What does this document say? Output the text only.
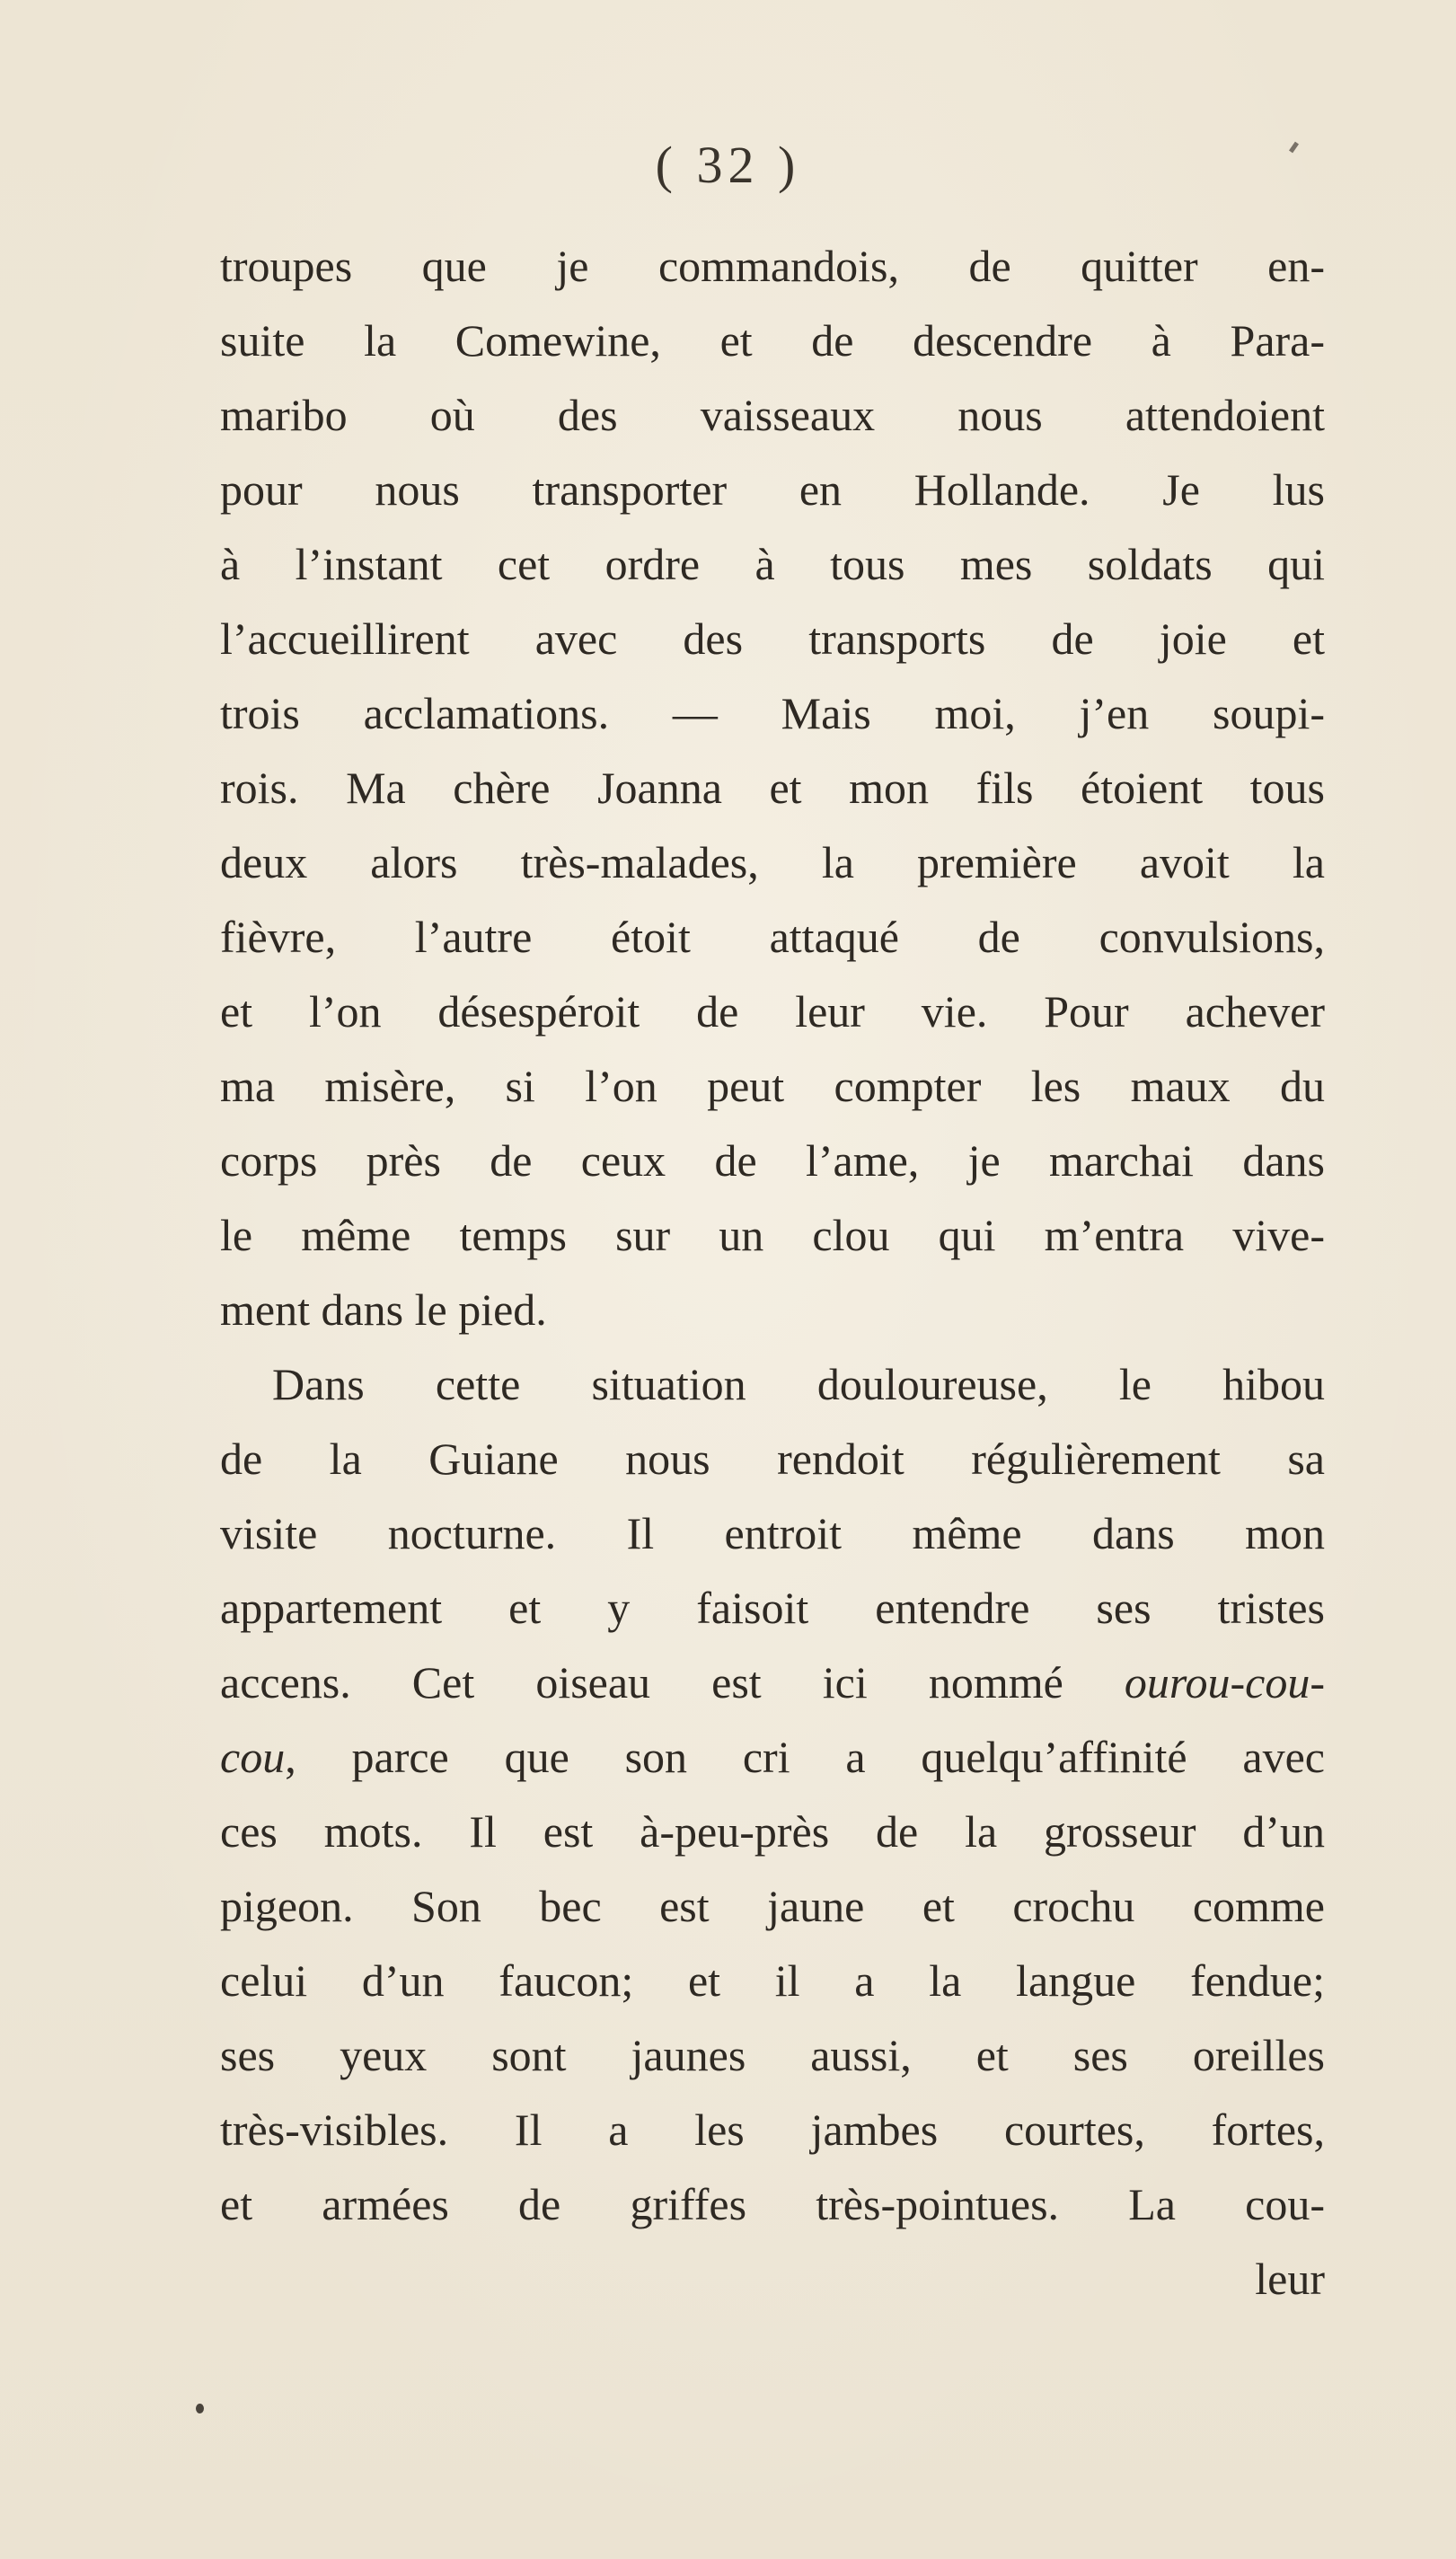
( 32 )
troupes que je commandois, de quitter en-
suite la Comewine, et de descendre à Para-
maribo où des vaisseaux nous attendoient
pour nous transporter en Hollande. Je lus
à l’instant cet ordre à tous mes soldats qui
l’accueillirent avec des transports de joie et
trois acclamations. — Mais moi, j’en soupi-
rois. Ma chère Joanna et mon fils étoient tous
deux alors très-malades, la première avoit la
fièvre, l’autre étoit attaqué de convulsions,
et l’on désespéroit de leur vie. Pour achever
ma misère, si l’on peut compter les maux du
corps près de ceux de l’ame, je marchai dans
le même temps sur un clou qui m’entra vive-
ment dans le pied.
Dans cette situation douloureuse, le hibou
de la Guiane nous rendoit régulièrement sa
visite nocturne. Il entroit même dans mon
appartement et y faisoit entendre ses tristes
accens. Cet oiseau est ici nommé ourou-cou-
cou, parce que son cri a quelqu’affinité avec
ces mots. Il est à-peu-près de la grosseur d’un
pigeon. Son bec est jaune et crochu comme
celui d’un faucon; et il a la langue fendue;
ses yeux sont jaunes aussi, et ses oreilles
très-visibles. Il a les jambes courtes, fortes,
et armées de griffes très-pointues. La cou-
leur
